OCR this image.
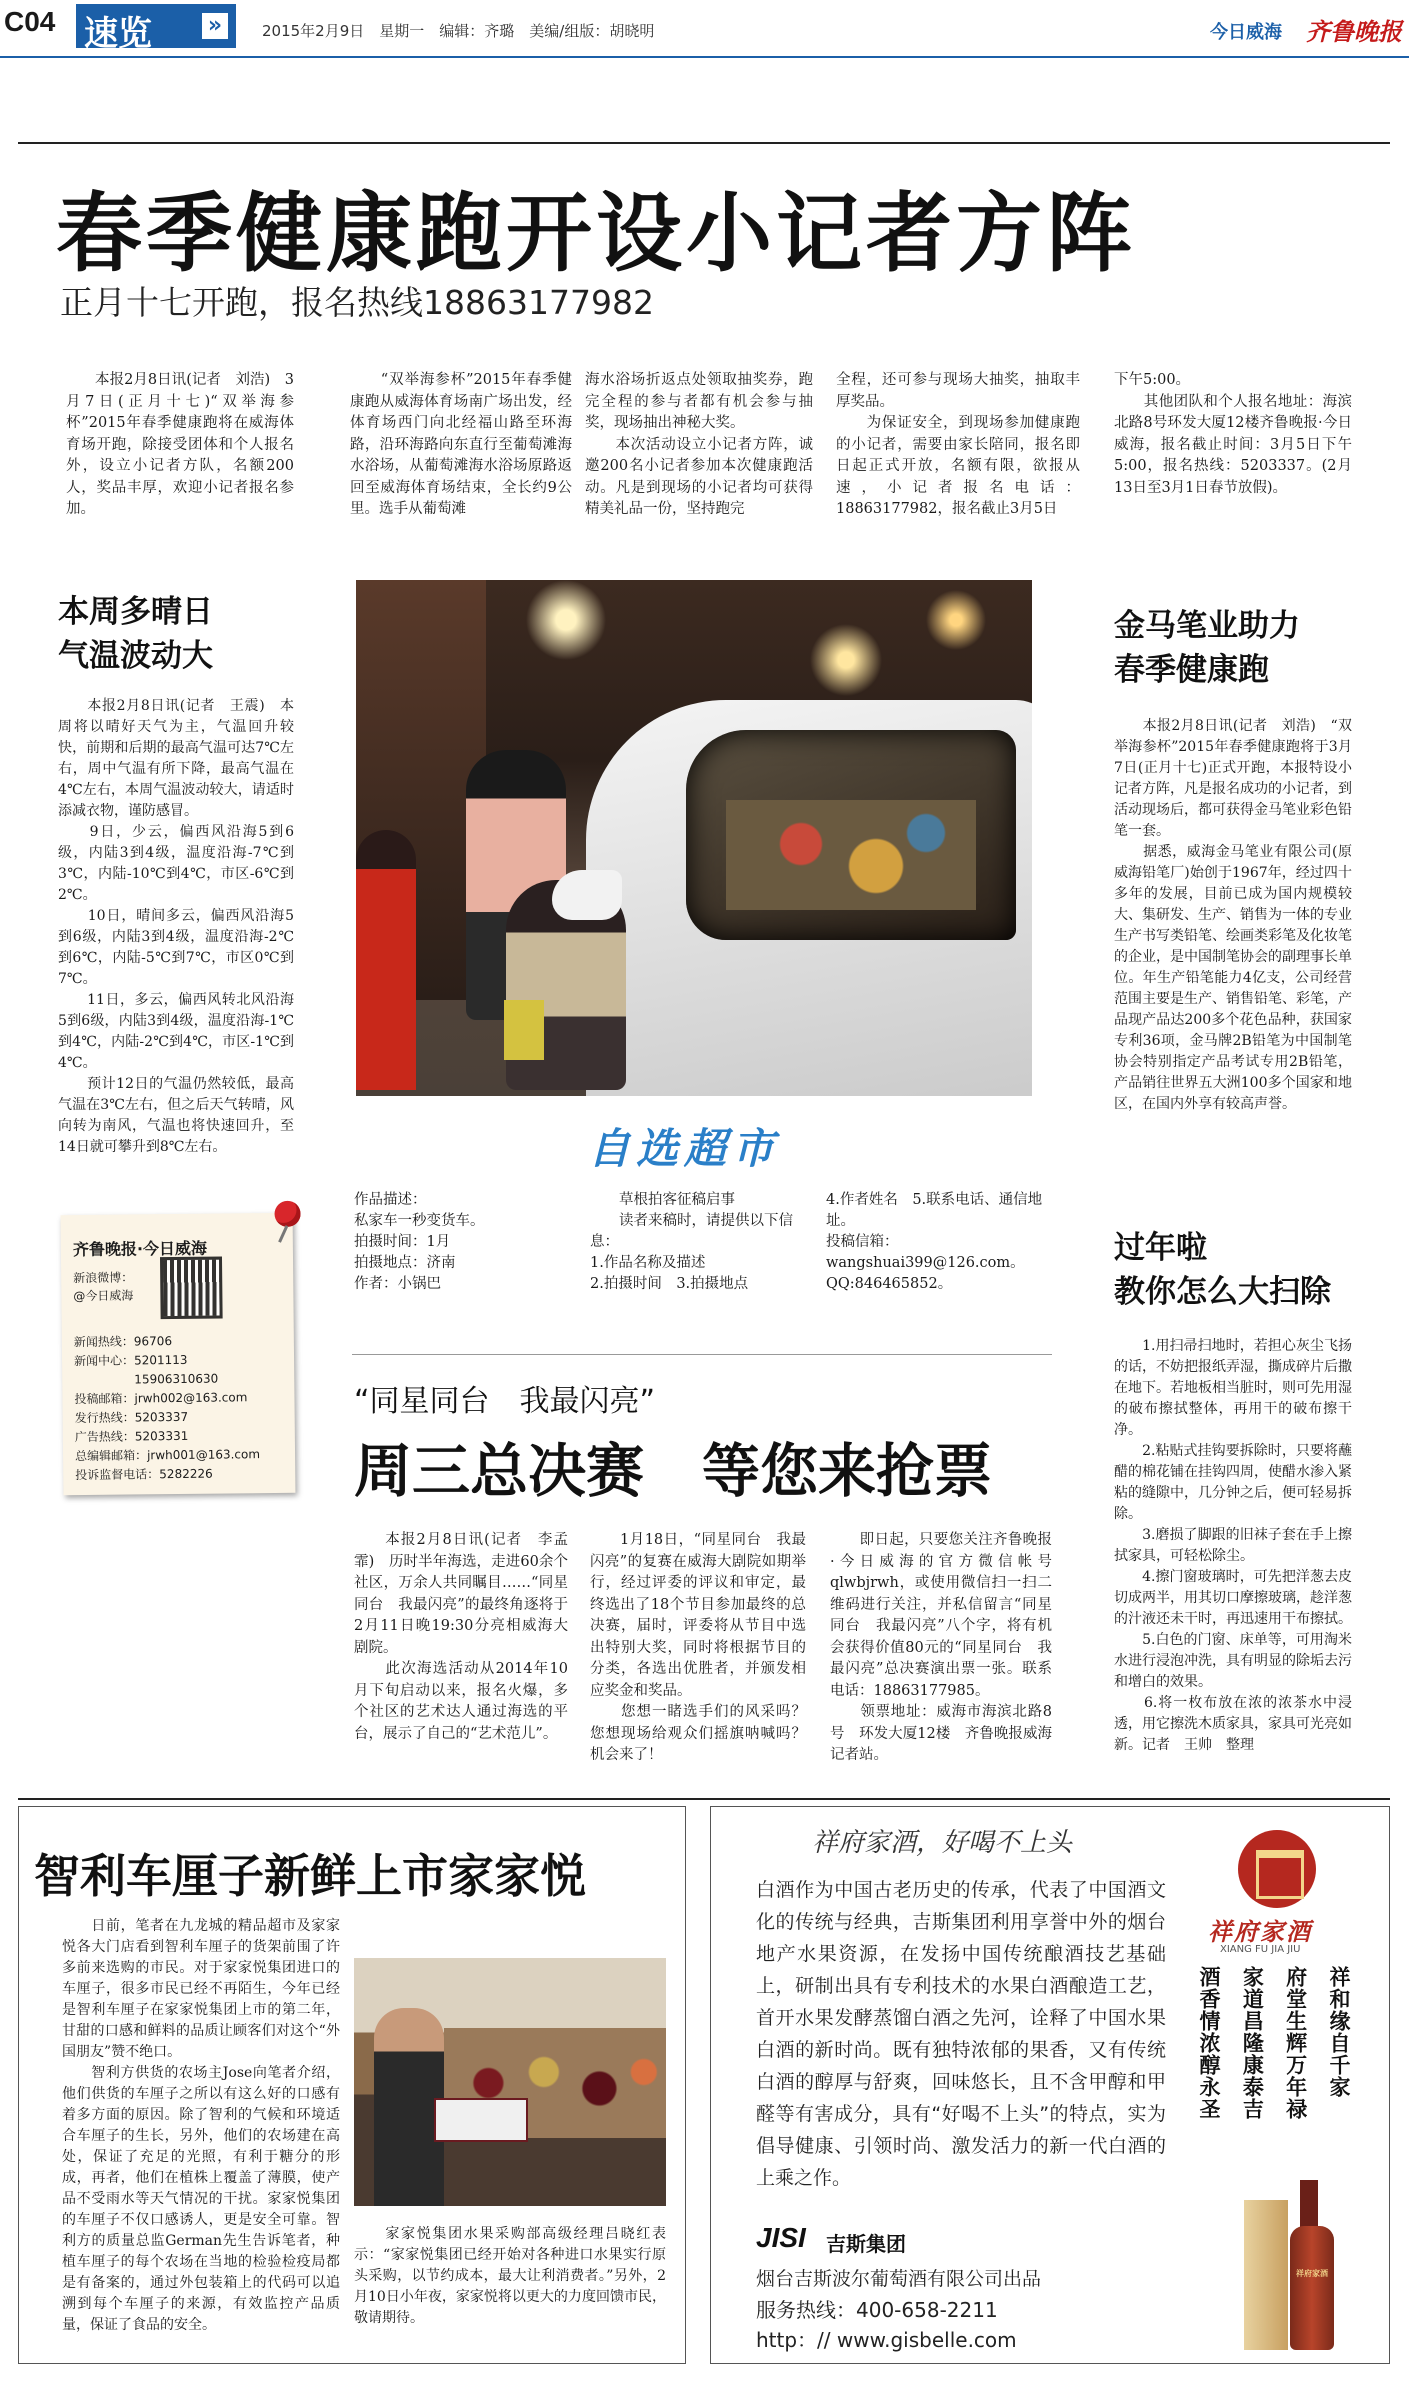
C04 速览	»	2015年2月9日　星期一　编辑：齐璐　美编/组版：胡晓明	今日威海 齐鲁晚报
春季健康跑开设小记者方阵
正月十七开跑，报名热线18863177982
　　本报2月8日讯(记者　刘浩)　3月7日(正月十七)“双举海参杯”2015年春季健康跑将在威海体育场开跑，除接受团体和个人报名外，设立小记者方队，名额200人，奖品丰厚，欢迎小记者报名参加。
　　“双举海参杯”2015年春季健康跑从威海体育场南广场出发，经体育场西门向北经福山路至环海路，沿环海路向东直行至葡萄滩海水浴场，从葡萄滩海水浴场原路返回至威海体育场结束，全长约9公里。选手从葡萄滩
海水浴场折返点处领取抽奖券，跑完全程的参与者都有机会参与抽奖，现场抽出神秘大奖。
　　本次活动设立小记者方阵，诚邀200名小记者参加本次健康跑活动。凡是到现场的小记者均可获得精美礼品一份，坚持跑完
全程，还可参与现场大抽奖，抽取丰厚奖品。
　　为保证安全，到现场参加健康跑的小记者，需要由家长陪同，报名即日起正式开放，名额有限，欲报从速，小记者报名电话：18863177982，报名截止3月5日
下午5:00。
　　其他团队和个人报名地址：海滨北路8号环发大厦12楼齐鲁晚报·今日威海，报名截止时间：3月5日下午5:00，报名热线：5203337。(2月13日至3月1日春节放假)。
本周多晴日
气温波动大
　　本报2月8日讯(记者　王震)　本周将以晴好天气为主，气温回升较快，前期和后期的最高气温可达7℃左右，周中气温有所下降，最高气温在4℃左右，本周气温波动较大，请适时添减衣物，谨防感冒。
　　9日，少云，偏西风沿海5到6级，内陆3到4级，温度沿海-7℃到3℃，内陆-10℃到4℃，市区-6℃到2℃。
　　10日，晴间多云，偏西风沿海5到6级，内陆3到4级，温度沿海-2℃到6℃，内陆-5℃到7℃，市区0℃到7℃。
　　11日，多云，偏西风转北风沿海5到6级，内陆3到4级，温度沿海-1℃到4℃，内陆-2℃到4℃，市区-1℃到4℃。
　　预计12日的气温仍然较低，最高气温在3℃左右，但之后天气转晴，风向转为南风，气温也将快速回升，至14日就可攀升到8℃左右。
齐鲁晚报·今日威海
新浪微博：
@今日威海
新闻热线：96706
新闻中心：5201113
　　　　　15906310630
投稿邮箱：jrwh002@163.com
发行热线：5203337
广告热线：5203331
总编辑邮箱：jrwh001@163.com
投诉监督电话：5282226
自选超市
作品描述：
私家车一秒变货车。
拍摄时间：1月
拍摄地点：济南
作者：小锅巴
　　草根拍客征稿启事
　　读者来稿时，请提供以下信息：
1.作品名称及描述
2.拍摄时间　3.拍摄地点
4.作者姓名　5.联系电话、通信地址。
投稿信箱：wangshuai399@126.com。
QQ:846465852。
金马笔业助力
春季健康跑
　　本报2月8日讯(记者　刘浩)　“双举海参杯”2015年春季健康跑将于3月7日(正月十七)正式开跑，本报特设小记者方阵，凡是报名成功的小记者，到活动现场后，都可获得金马笔业彩色铅笔一套。
　　据悉，威海金马笔业有限公司(原威海铅笔厂)始创于1967年，经过四十多年的发展，目前已成为国内规模较大、集研发、生产、销售为一体的专业生产书写类铅笔、绘画类彩笔及化妆笔的企业，是中国制笔协会的副理事长单位。年生产铅笔能力4亿支，公司经营范围主要是生产、销售铅笔、彩笔，产品现产品达200多个花色品种，获国家专利36项，金马牌2B铅笔为中国制笔协会特别指定产品考试专用2B铅笔，产品销往世界五大洲100多个国家和地区，在国内外享有较高声誉。
过年啦
教你怎么大扫除
　　1.用扫帚扫地时，若担心灰尘飞扬的话，不妨把报纸弄湿，撕成碎片后撒在地下。若地板相当脏时，则可先用湿的破布擦拭整体，再用干的破布擦干净。
　　2.粘贴式挂钩要拆除时，只要将蘸醋的棉花铺在挂钩四周，使醋水渗入紧粘的缝隙中，几分钟之后，便可轻易拆除。
　　3.磨损了脚跟的旧袜子套在手上擦拭家具，可轻松除尘。
　　4.擦门窗玻璃时，可先把洋葱去皮切成两半，用其切口摩擦玻璃，趁洋葱的汁液还未干时，再迅速用干布擦拭。
　　5.白色的门窗、床单等，可用淘米水进行浸泡冲洗，具有明显的除垢去污和增白的效果。
　　6.将一枚布放在浓的浓茶水中浸透，用它擦洗木质家具，家具可光亮如新。记者　王帅　整理
“同星同台　我最闪亮”
周三总决赛　等您来抢票
　　本报2月8日讯(记者　李孟霏)　历时半年海选，走进60余个社区，万余人共同瞩目……“同星同台　我最闪亮”的最终角逐将于2月11日晚19:30分亮相威海大剧院。
　　此次海选活动从2014年10月下旬启动以来，报名火爆，多个社区的艺术达人通过海选的平台，展示了自己的“艺术范儿”。
　　1月18日，“同星同台　我最闪亮”的复赛在威海大剧院如期举行，经过评委的评议和审定，最终选出了18个节目参加最终的总决赛，届时，评委将从节目中选出特别大奖，同时将根据节目的分类，各选出优胜者，并颁发相应奖金和奖品。
　　您想一睹选手们的风采吗？您想现场给观众们摇旗呐喊吗？机会来了！
　　即日起，只要您关注齐鲁晚报·今日威海的官方微信帐号qlwbjrwh，或使用微信扫一扫二维码进行关注，并私信留言“同星同台　我最闪亮”八个字，将有机会获得价值80元的“同星同台　我最闪亮”总决赛演出票一张。联系电话：18863177985。
　　领票地址：威海市海滨北路8号　环发大厦12楼　齐鲁晚报威海记者站。
智利车厘子新鲜上市家家悦
　　日前，笔者在九龙城的精品超市及家家悦各大门店看到智利车厘子的货架前围了许多前来选购的市民。对于家家悦集团进口的车厘子，很多市民已经不再陌生，今年已经是智利车厘子在家家悦集团上市的第二年，甘甜的口感和鲜料的品质让顾客们对这个“外国朋友”赞不绝口。
　　智利方供货的农场主Jose向笔者介绍，他们供货的车厘子之所以有这么好的口感有着多方面的原因。除了智利的气候和环境适合车厘子的生长，另外，他们的农场建在高处，保证了充足的光照，有利于糖分的形成，再者，他们在植株上覆盖了薄膜，使产品不受雨水等天气情况的干扰。家家悦集团的车厘子不仅口感诱人，更是安全可靠。智利方的质量总监German先生告诉笔者，种植车厘子的每个农场在当地的检验检疫局都是有备案的，通过外包装箱上的代码可以追溯到每个车厘子的来源，有效监控产品质量，保证了食品的安全。
　　家家悦集团水果采购部高级经理吕晓红表示：“家家悦集团已经开始对各种进口水果实行原头采购，以节约成本，最大让利消费者。”另外，2月10日小年夜，家家悦将以更大的力度回馈市民，敬请期待。
祥府家酒，好喝不上头
白酒作为中国古老历史的传承，代表了中国酒文化的传统与经典，吉斯集团利用享誉中外的烟台地产水果资源，在发扬中国传统酿酒技艺基础上，研制出具有专利技术的水果白酒酿造工艺，首开水果发酵蒸馏白酒之先河，诠释了中国水果白酒的新时尚。既有独特浓郁的果香，又有传统白酒的醇厚与舒爽，回味悠长，且不含甲醇和甲醛等有害成分，具有“好喝不上头”的特点，实为倡导健康、引领时尚、激发活力的新一代白酒的上乘之作。
祥府家酒
XIANG FU JIA JIU
祥和缘自千家
府堂生辉万年禄
家道昌隆康泰吉
酒香情浓醇永圣
祥府家酒
JISI 吉斯集团
烟台吉斯波尔葡萄酒有限公司出品
服务热线：400-658-2211
http：// www.gisbelle.com
